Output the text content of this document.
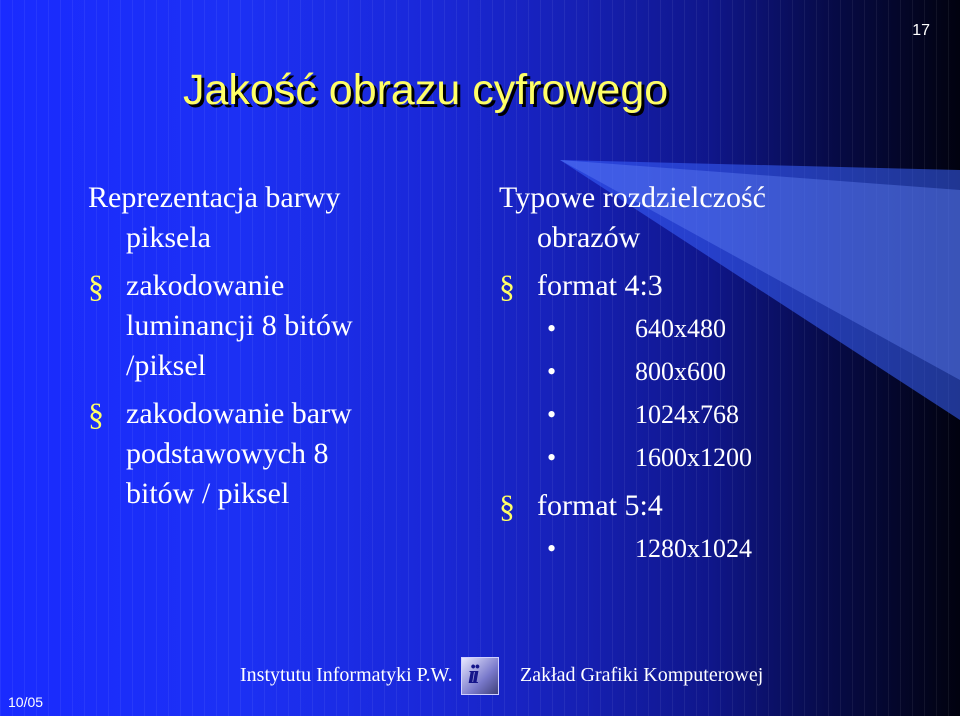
17
Jakość obrazu cyfrowego
Reprezentacja barwy
piksela
§ zakodowanie
luminancji 8 bitów
/piksel
§ zakodowanie barw
podstawowych 8
bitów / piksel
Typowe rozdzielczość
obrazów
§ format 4:3
•	640x480
•	800x600
•	1024x768
•	1600x1200
§ format 5:4
•	1280x1024
Instytutu Informatyki P.W. ii Zakład Grafiki Komputerowej
10/05
